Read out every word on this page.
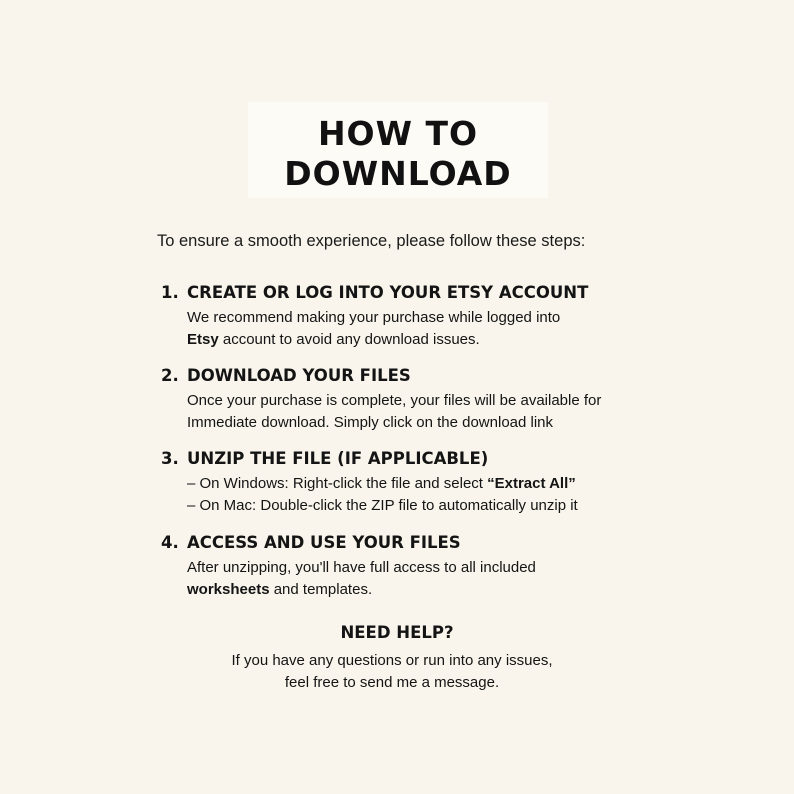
HOW TO
DOWNLOAD
To ensure a smooth experience, please follow these steps:
1. CREATE OR LOG INTO YOUR ETSY ACCOUNT
We recommend making your purchase while logged into
Etsy account to avoid any download issues.
2. DOWNLOAD YOUR FILES
Once your purchase is complete, your files will be available for
Immediate download. Simply click on the download link
3. UNZIP THE FILE (IF APPLICABLE)
– On Windows: Right-click the file and select “Extract All”
– On Mac: Double-click the ZIP file to automatically unzip it
4. ACCESS AND USE YOUR FILES
After unzipping, you'll have full access to all included
worksheets and templates.
NEED HELP?
If you have any questions or run into any issues,
feel free to send me a message.
